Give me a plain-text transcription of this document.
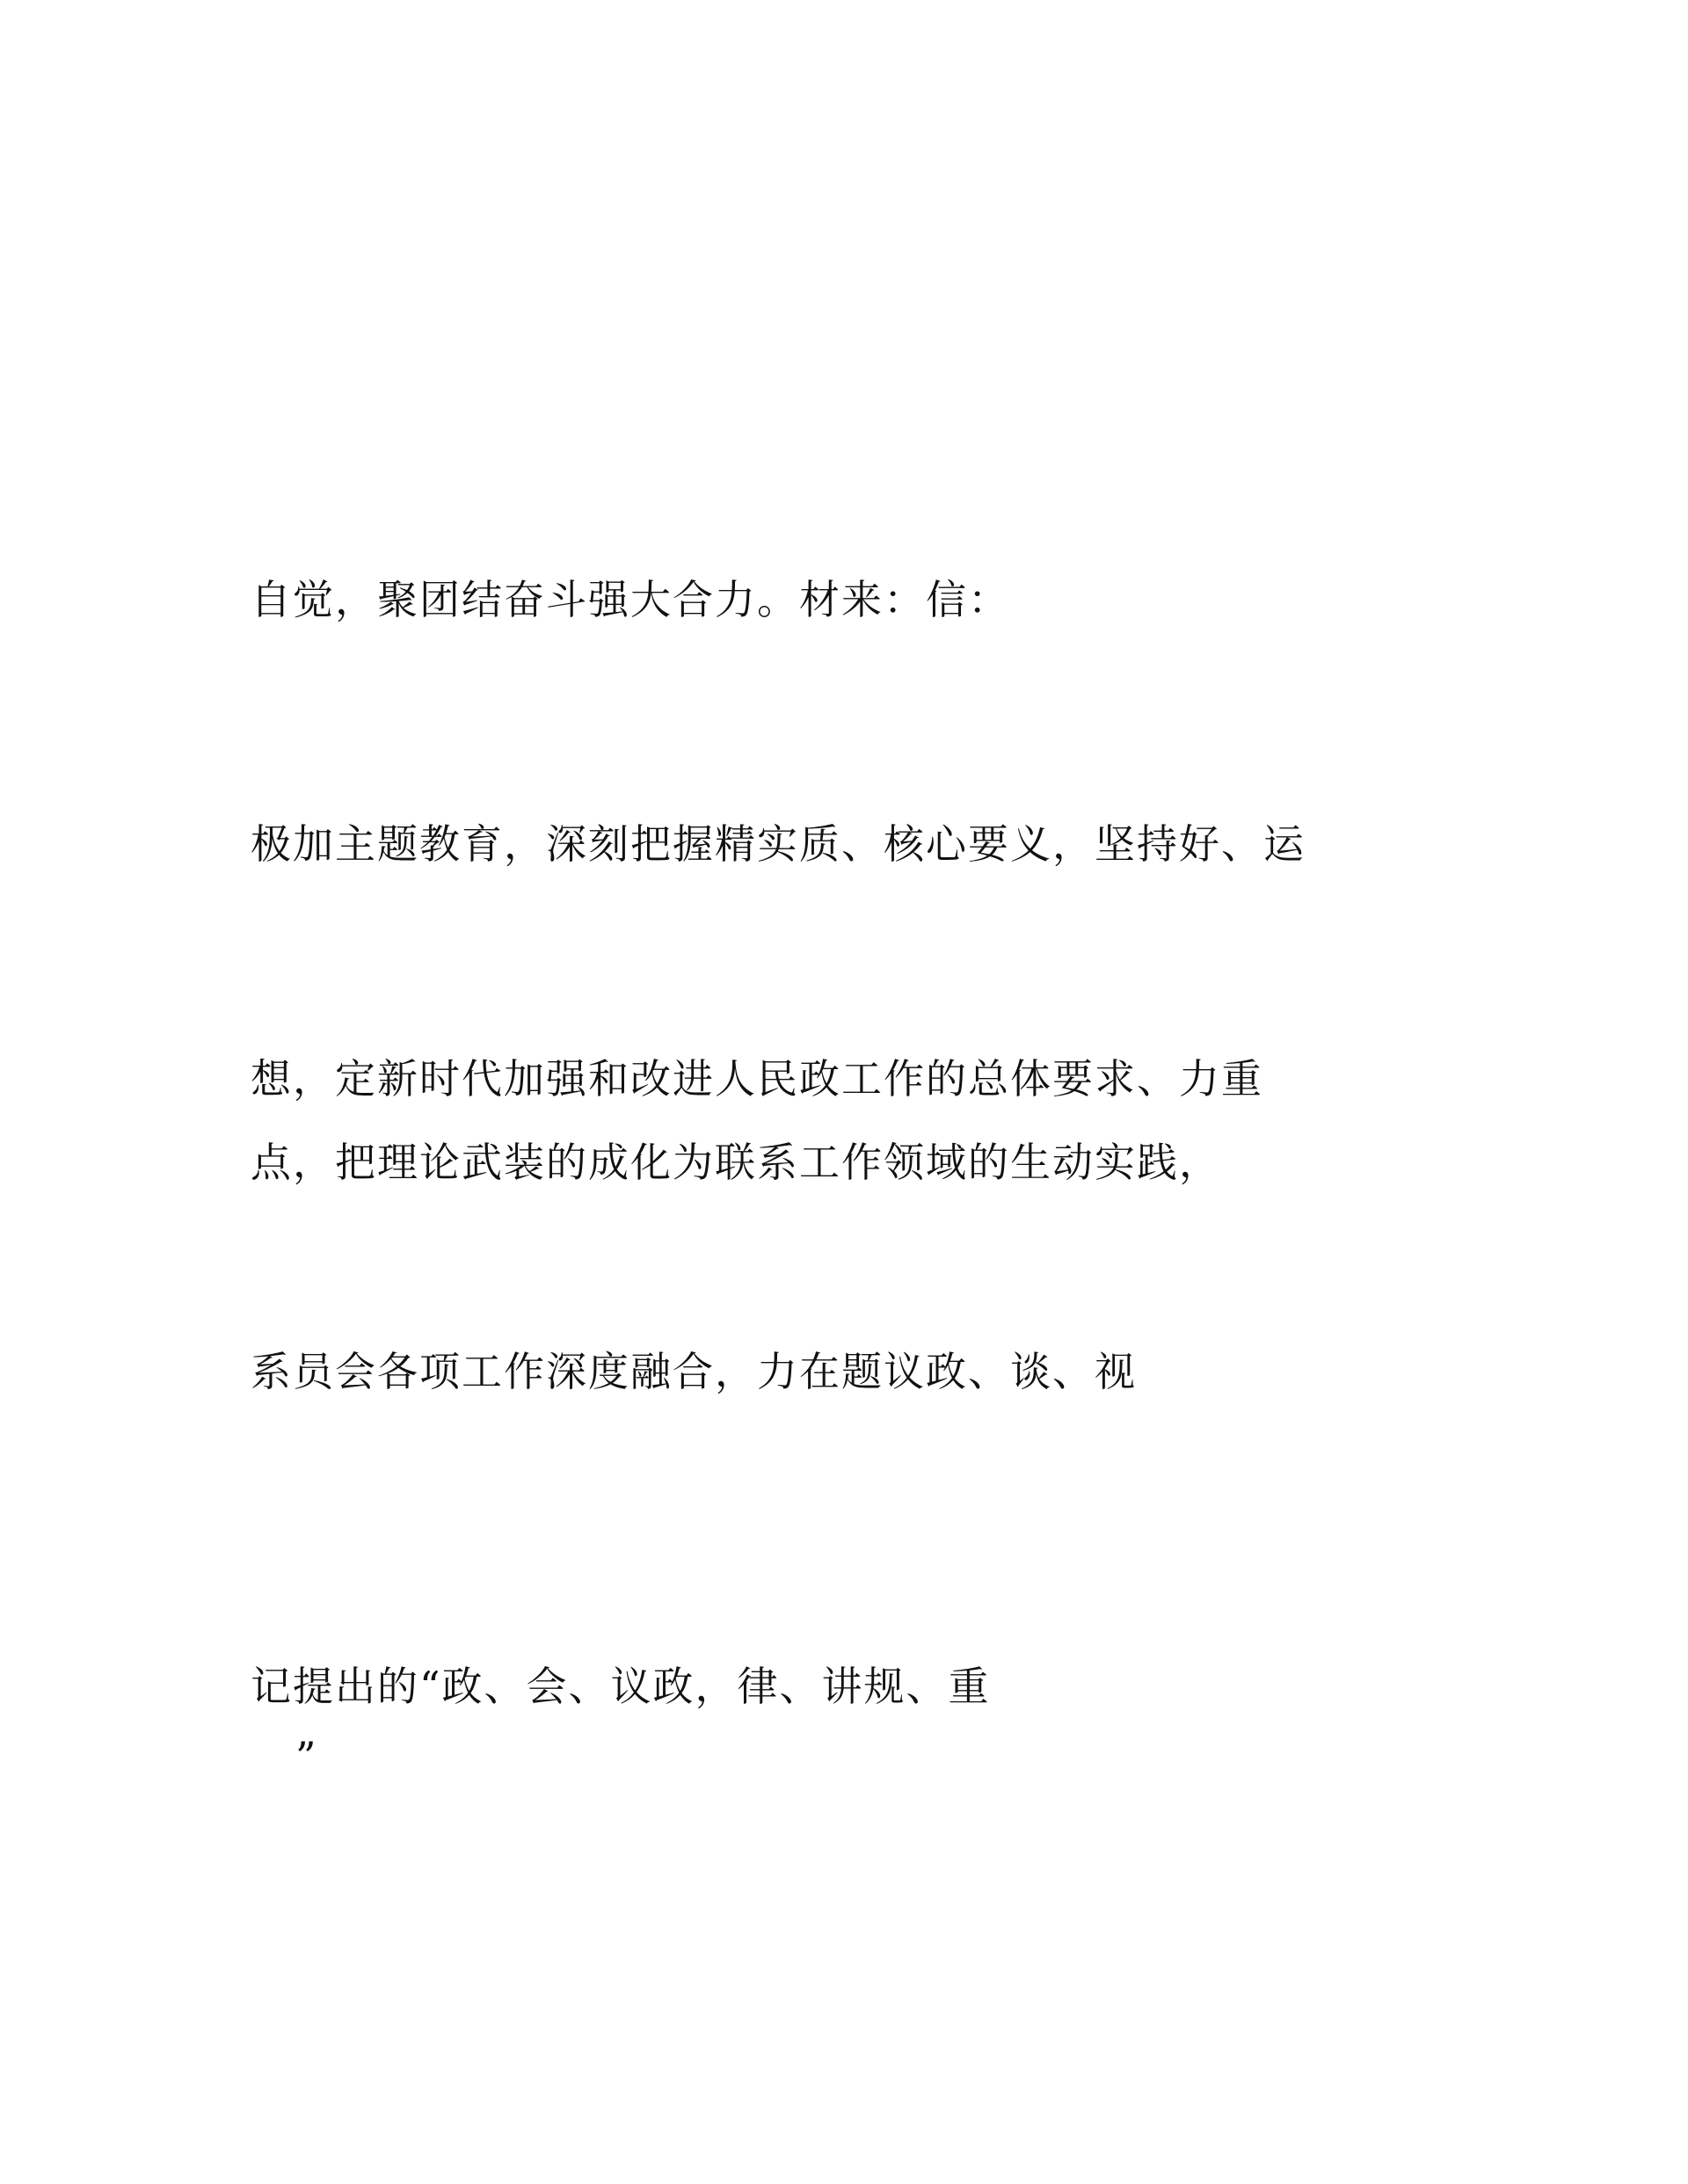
自觉，聚团结奋斗强大合力。材来：信：

极加主题教育，深刻把握精实质、核心要义，坚持好、运

想，定新时代加强和改进人民政工作的总体要求、力重

点，把理论武装的成化为联系工作领域的生动实践，

系员会各项工作深度融合，力在题议政、谈、视

记提出的“政、会、议政，律、讲规、重

”
